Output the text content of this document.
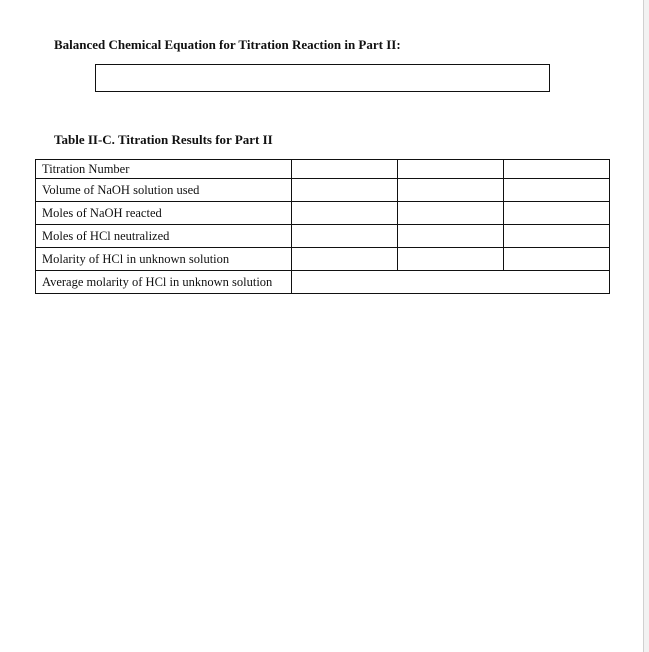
Balanced Chemical Equation for Titration Reaction in Part II:
Table II-C. Titration Results for Part II
Titration Number			
Volume of NaOH solution used			
Moles of NaOH reacted			
Moles of HCl neutralized			
Molarity of HCl in unknown solution			
Average molarity of HCl in unknown solution			
